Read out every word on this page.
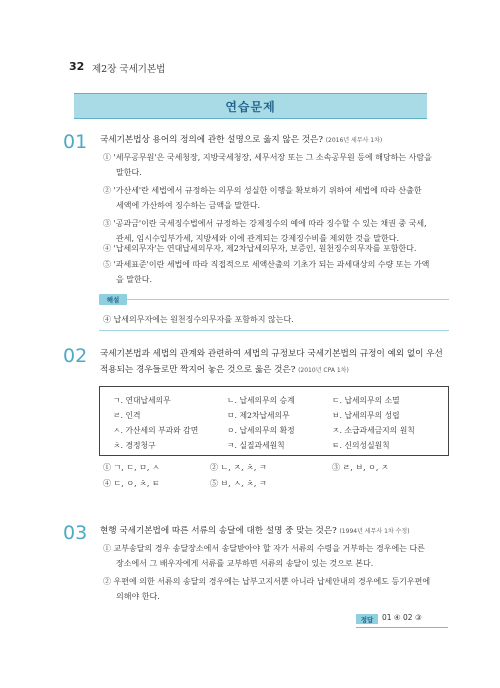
32 제2장 국세기본법
연습문제
01 국세기본법상 용어의 정의에 관한 설명으로 옳지 않은 것은? (2016년 세무사 1차)
① '세무공무원'은 국세청장, 지방국세청장, 세무서장 또는 그 소속공무원 등에 해당하는 사람을
말한다.
② '가산세'란 세법에서 규정하는 의무의 성실한 이행을 확보하기 위하여 세법에 따라 산출한
세액에 가산하여 징수하는 금액을 말한다.
③ '공과금'이란 국세징수법에서 규정하는 강제징수의 예에 따라 징수할 수 있는 채권 중 국세,
관세, 임시수입부가세, 지방세와 이에 관계되는 강제징수비를 제외한 것을 말한다.
④ '납세의무자'는 연대납세의무자, 제2차납세의무자, 보증인, 원천징수의무자를 포함한다.
⑤ '과세표준'이란 세법에 따라 직접적으로 세액산출의 기초가 되는 과세대상의 수량 또는 가액
을 말한다.
해설
④ 납세의무자에는 원천징수의무자를 포함하지 않는다.
02 국세기본법과 세법의 관계와 관련하여 세법의 규정보다 국세기본법의 규정이 예외 없이 우선
적용되는 경우들로만 짝지어 놓은 것으로 옳은 것은? (2010년 CPA 1차)
ㄱ. 연대납세의무	ㄴ. 납세의무의 승계	ㄷ. 납세의무의 소멸
ㄹ. 인격	ㅁ. 제2차납세의무	ㅂ. 납세의무의 성립
ㅅ. 가산세의 부과와 감면	ㅇ. 납세의무의 확정	ㅈ. 소급과세금지의 원칙
ㅊ. 경정청구	ㅋ. 실질과세원칙	ㅌ. 신의성실원칙
① ㄱ, ㄷ, ㅁ, ㅅ	② ㄴ, ㅈ, ㅊ, ㅋ	③ ㄹ, ㅂ, ㅇ, ㅈ
④ ㄷ, ㅇ, ㅊ, ㅌ	⑤ ㅂ, ㅅ, ㅊ, ㅋ
03 현행 국세기본법에 따른 서류의 송달에 대한 설명 중 맞는 것은? (1994년 세무사 1차 수정)
① 교부송달의 경우 송달장소에서 송달받아야 할 자가 서류의 수령을 거부하는 경우에는 다른
장소에서 그 배우자에게 서류를 교부하면 서류의 송달이 있는 것으로 본다.
② 우편에 의한 서류의 송달의 경우에는 납부고지서뿐 아니라 납세안내의 경우에도 등기우편에
의해야 한다.
정답	01 ④ 02 ③
